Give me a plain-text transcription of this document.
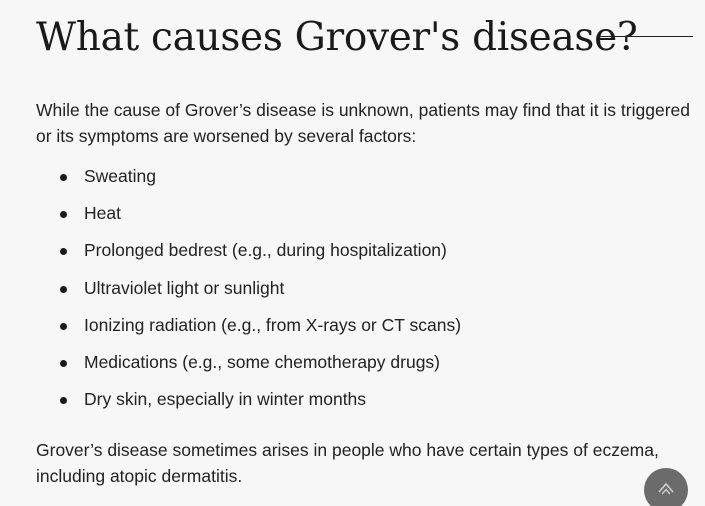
What causes Grover's disease?

While the cause of Grover’s disease is unknown, patients may find that it is triggered or its symptoms are worsened by several factors:

Sweating
Heat
Prolonged bedrest (e.g., during hospitalization)
Ultraviolet light or sunlight
Ionizing radiation (e.g., from X-rays or CT scans)
Medications (e.g., some chemotherapy drugs)
Dry skin, especially in winter months

Grover’s disease sometimes arises in people who have certain types of eczema, including atopic dermatitis.
